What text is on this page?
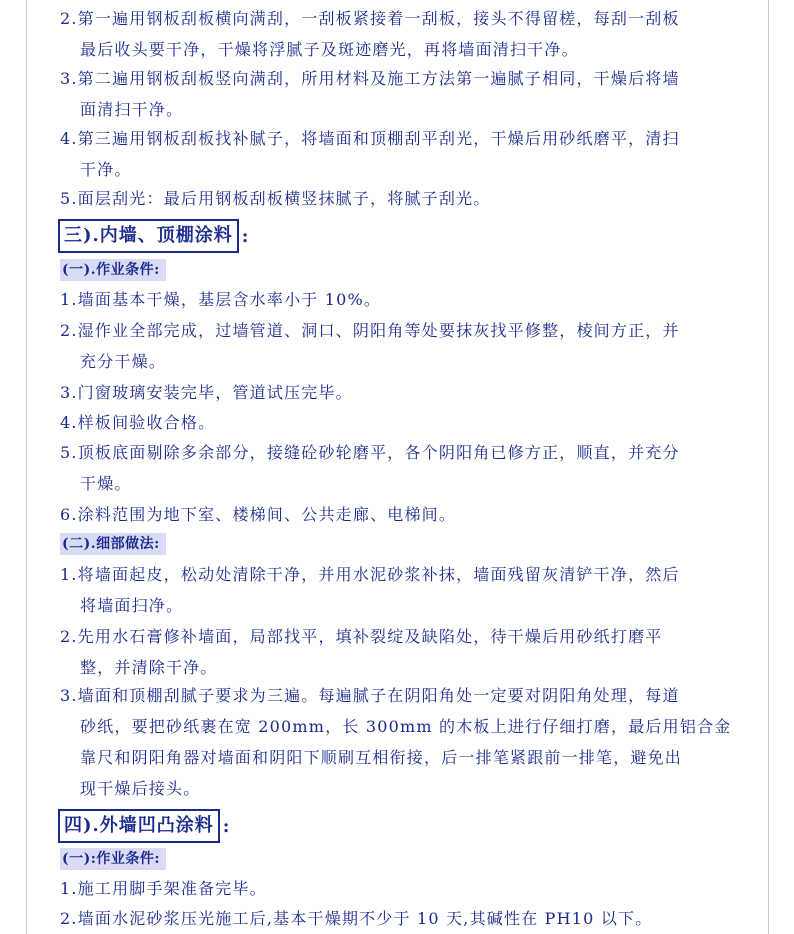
2.第一遍用钢板刮板横向满刮，一刮板紧接着一刮板，接头不得留槎，每刮一刮板
最后收头要干净，干燥将浮腻子及斑迹磨光，再将墙面清扫干净。
3.第二遍用钢板刮板竖向满刮，所用材料及施工方法第一遍腻子相同，干燥后将墙
面清扫干净。
4.第三遍用钢板刮板找补腻子，将墙面和顶棚刮平刮光，干燥后用砂纸磨平，清扫
干净。
5.面层刮光：最后用钢板刮板横竖抹腻子，将腻子刮光。
三).内墙、顶棚涂料 :
(一).作业条件:
1.墙面基本干燥，基层含水率小于 10%。
2.湿作业全部完成，过墙管道、洞口、阴阳角等处要抹灰找平修整，棱间方正，并
充分干燥。
3.门窗玻璃安装完毕，管道试压完毕。
4.样板间验收合格。
5.顶板底面剔除多余部分，接缝砼砂轮磨平，各个阴阳角已修方正，顺直，并充分
干燥。
6.涂料范围为地下室、楼梯间、公共走廊、电梯间。
(二).细部做法:
1.将墙面起皮，松动处清除干净，并用水泥砂浆补抹，墙面残留灰清铲干净，然后
将墙面扫净。
2.先用水石膏修补墙面，局部找平，填补裂绽及缺陷处，待干燥后用砂纸打磨平
整，并清除干净。
3.墙面和顶棚刮腻子要求为三遍。每遍腻子在阴阳角处一定要对阴阳角处理，每道
砂纸，要把砂纸裹在宽 200mm，长 300mm 的木板上进行仔细打磨，最后用铝合金
靠尺和阴阳角器对墙面和阴阳下顺刷互相衔接，后一排笔紧跟前一排笔，避免出
现干燥后接头。
四).外墙凹凸涂料 :
(一):作业条件:
1.施工用脚手架准备完毕。
2.墙面水泥砂浆压光施工后,基本干燥期不少于 10 天,其碱性在 PH10 以下。
